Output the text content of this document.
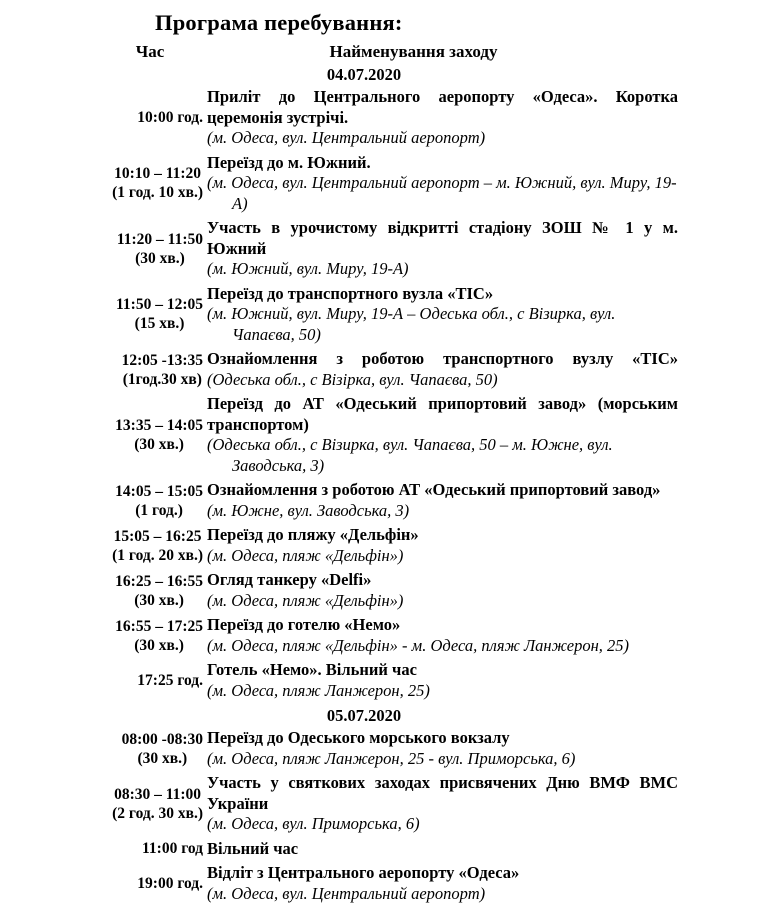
Програма перебування:
Час	Найменування заходу
04.07.2020
10:00 год.
Приліт до Центрального аеропорту «Одеса». Коротка церемонія зустрічі.
(м. Одеса, вул. Центральний аеропорт)
10:10 – 11:20
(1 год. 10 хв.)
Переїзд до м. Южний.
(м. Одеса, вул. Центральний аеропорт – м. Южний, вул. Миру, 19-А)
11:20 – 11:50
(30 хв.)
Участь в урочистому відкритті стадіону ЗОШ № 1 у м. Южний
(м. Южний, вул. Миру, 19-А)
11:50 – 12:05
(15 хв.)
Переїзд до транспортного вузла «ТІС»
(м. Южний, вул. Миру, 19-А – Одеська обл., с Візирка, вул. Чапаєва, 50)
12:05 -13:35
(1год.30 хв)
Ознайомлення з роботою транспортного вузлу «ТІС»
(Одеська обл., с Візірка, вул. Чапаєва, 50)
13:35 – 14:05
(30 хв.)
Переїзд до АТ «Одеський припортовий завод» (морським транспортом)
(Одеська обл., с Візирка, вул. Чапаєва, 50 – м. Южне, вул. Заводська, 3)
14:05 – 15:05
(1 год.)
Ознайомлення з роботою АТ «Одеський припортовий завод»
(м. Южне, вул. Заводська, 3)
15:05 – 16:25
(1 год. 20 хв.)
Переїзд до пляжу «Дельфін»
(м. Одеса, пляж «Дельфін»)
16:25 – 16:55
(30 хв.)
Огляд танкеру «Delfi»
(м. Одеса, пляж «Дельфін»)
16:55 – 17:25
(30 хв.)
Переїзд до готелю «Немо»
(м. Одеса, пляж «Дельфін» - м. Одеса, пляж Ланжерон, 25)
17:25 год.
Готель «Немо». Вільний час
(м. Одеса, пляж Ланжерон, 25)
05.07.2020
08:00 -08:30
(30 хв.)
Переїзд до Одеського морського вокзалу
(м. Одеса, пляж Ланжерон, 25 - вул. Приморська, 6)
08:30 – 11:00
(2 год. 30 хв.)
Участь у святкових заходах присвячених Дню ВМФ ВМС України
(м. Одеса, вул. Приморська, 6)
11:00 год Вільний час
19:00 год.
Відліт з Центрального аеропорту «Одеса»
(м. Одеса, вул. Центральний аеропорт)
